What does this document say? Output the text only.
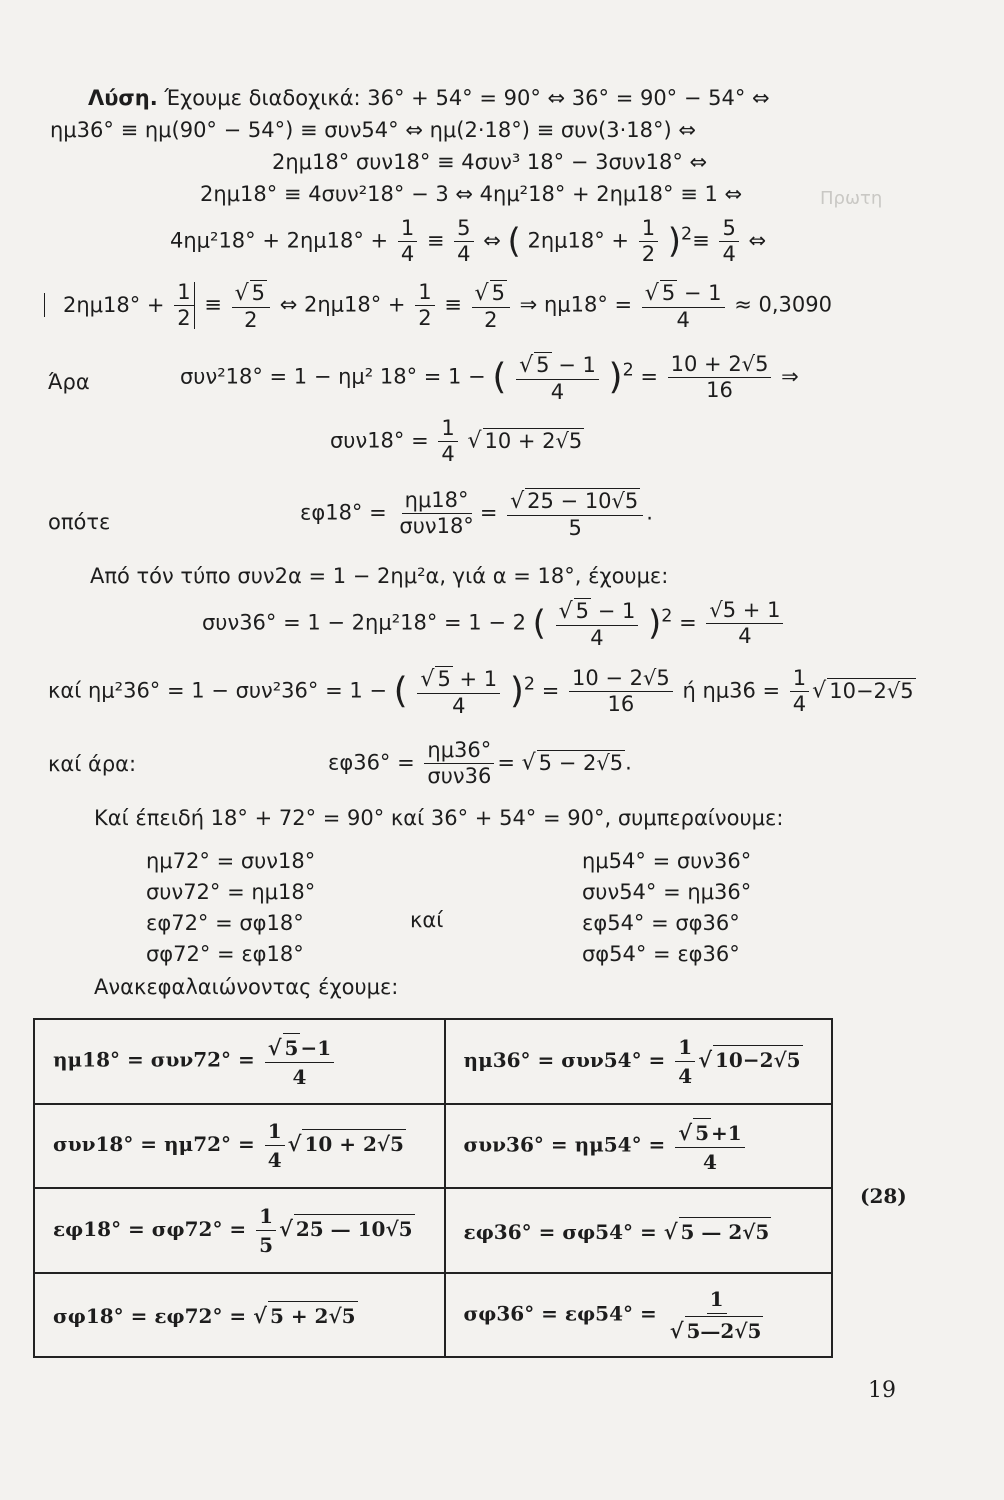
Πρωτη
Λύση. Έχουμε διαδοχικά: 36° + 54° = 90° ⇔ 36° = 90° − 54° ⇔
ημ36° ≡ ημ(90° − 54°) ≡ συν54° ⇔ ημ(2·18°) ≡ συν(3·18°) ⇔
2ημ18° συν18° ≡ 4συν³ 18° − 3συν18° ⇔
2ημ18° ≡ 4συν²18° − 3 ⇔ 4ημ²18° + 2ημ18° ≡ 1 ⇔
$4\eta\mu^218^\circ + 2\eta\mu 18^\circ + \frac{1}{4} \equiv \frac{5}{4}$ ⇔ ( $2\eta\mu 18^\circ + \frac{1}{2} )^2\equiv \frac{5}{4}$ ⇔
$2\eta\mu 18^\circ + \frac{1}{2} \equiv \frac{√ 5}{2}$ ⇔ $2\eta\mu 18^\circ + \frac{1}{2} \equiv \frac{√ 5}{2}$ ⇒ $\eta\mu 18^\circ = \frac{√ 5 - 1}{4} \approx 0,3090$
Άρα	συν²18° = 1 − ημ² 18° = 1 − ( $\frac{√ 5 - 1}{4} )^2 = \frac{10 + 2√5}{16}$ ⇒
$\sigma\upsilon\nu 18^\circ = \frac{1}{4}$ √ 10 + 2√5
οπότε	$\varepsilon\varphi 18^\circ = \frac{\eta\mu 18^\circ}{\text{συν18°}} = \frac{√ 25 - 10√5}{5}$ .
Από τόν τύπο συν2α = 1 − 2ημ²α, γιά α = 18°, έχουμε:
συν36° = 1 − 2ημ²18° = 1 − 2 ( $\frac{√ 5 - 1}{4} )^2 = \frac{√5 + 1}{4}$
καί ημ²36° = 1 − συν²36° = 1 − ( $\frac{√ 5 + 1}{4} )^2 = \frac{10 - 2√5}{16}$ ή $\eta\mu 36 = \frac{1}{4}$ √ 10−2√5
καί άρα:	$\varepsilon\varphi 36^\circ = \frac{\eta\mu 36^\circ}{\text{συν36}}$ = √ 5 − 2√5.
Καί έπειδή 18° + 72° = 90° καί 36° + 54° = 90°, συμπεραίνουμε:
ημ72° = συν18°
συν72° = ημ18°
εφ72° = σφ18°
σφ72° = εφ18°
καί
ημ54° = συν36°
συν54° = ημ36°
εφ54° = σφ36°
σφ54° = εφ36°
Ανακεφαλαιώνοντας έχουμε:
$\eta\mu 18^\circ = \sigma\upsilon\nu 72^\circ = \frac{√ 5 -1}{4}$	$\eta\mu 36^\circ = \sigma\upsilon\nu 54^\circ = \frac{1}{4}$ √ 10−2√5
$\sigma\upsilon\nu 18^\circ = \eta\mu 72^\circ = \frac{1}{4}$ √ 10 + 2√5	$\sigma\upsilon\nu 36^\circ = \eta\mu 54^\circ = \frac{√ 5 +1}{4}$

$\varepsilon\varphi 18^\circ = \sigma\varphi 72^\circ = \frac{1}{5}$ √ 25 — 10√5	εφ36° = σφ54° = √ 5 — 2√5
σφ18° = εφ72° = √ 5 + 2√5	$\sigma\varphi 36^\circ = \varepsilon\varphi 54^\circ = \frac{1}{√ 5—2√5}$
(28)
19
